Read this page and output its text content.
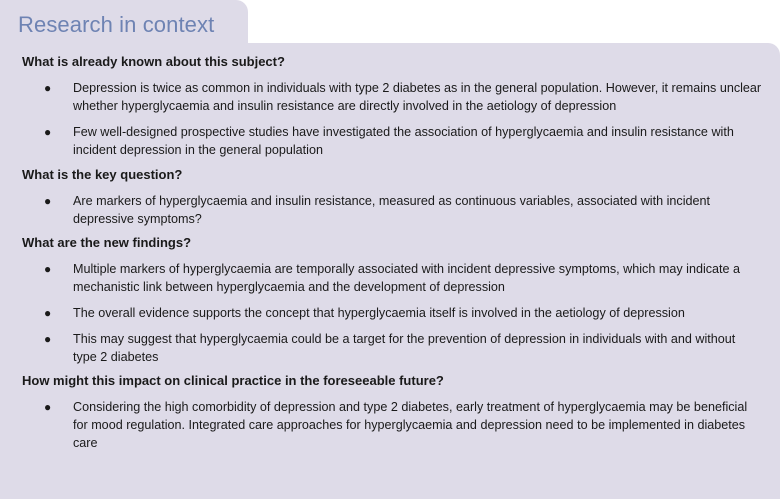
Research in context

What is already known about this subject?

● Depression is twice as common in individuals with type 2 diabetes as in the general population. However, it remains unclear whether hyperglycaemia and insulin resistance are directly involved in the aetiology of depression
● Few well-designed prospective studies have investigated the association of hyperglycaemia and insulin resistance with incident depression in the general population

What is the key question?

● Are markers of hyperglycaemia and insulin resistance, measured as continuous variables, associated with incident depressive symptoms?

What are the new findings?

● Multiple markers of hyperglycaemia are temporally associated with incident depressive symptoms, which may indicate a mechanistic link between hyperglycaemia and the development of depression
● The overall evidence supports the concept that hyperglycaemia itself is involved in the aetiology of depression
● This may suggest that hyperglycaemia could be a target for the prevention of depression in individuals with and without type 2 diabetes

How might this impact on clinical practice in the foreseeable future?

● Considering the high comorbidity of depression and type 2 diabetes, early treatment of hyperglycaemia may be beneficial for mood regulation. Integrated care approaches for hyperglycaemia and depression need to be implemented in diabetes care
